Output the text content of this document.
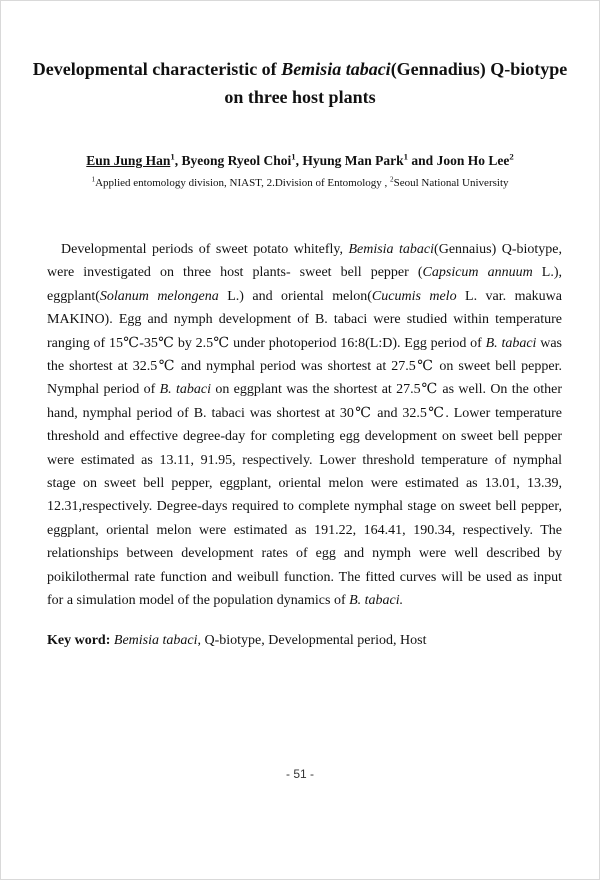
Developmental characteristic of Bemisia tabaci(Gennadius) Q-biotype
on three host plants
Eun Jung Han$^1$, Byeong Ryeol Choi$^1$, Hyung Man Park$^1$ and Joon Ho Lee$^2$
$^1$Applied entomology division, NIAST, 2.Division of Entomology , $^2$Seoul National University

Developmental periods of sweet potato whitefly, Bemisia tabaci(Gennaius) Q-biotype, were investigated on three host plants- sweet bell pepper (Capsicum annuum L.), eggplant(Solanum melongena L.) and oriental melon(Cucumis melo L. var. makuwa MAKINO). Egg and nymph development of B. tabaci were studied within temperature ranging of 15℃-35℃ by 2.5℃ under photoperiod 16:8(L:D). Egg period of B. tabaci was the shortest at 32.5℃ and nymphal period was shortest at 27.5℃ on sweet bell pepper. Nymphal period of B. tabaci on eggplant was the shortest at 27.5℃ as well. On the other hand, nymphal period of B. tabaci was shortest at 30℃ and 32.5℃. Lower temperature threshold and effective degree-day for completing egg development on sweet bell pepper were estimated as 13.11, 91.95, respectively. Lower threshold temperature of nymphal stage on sweet bell pepper, eggplant, oriental melon were estimated as 13.01, 13.39, 12.31,respectively. Degree-days required to complete nymphal stage on sweet bell pepper, eggplant, oriental melon were estimated as 191.22, 164.41, 190.34, respectively. The relationships between development rates of egg and nymph were well described by poikilothermal rate function and weibull function. The fitted curves will be used as input for a simulation model of the population dynamics of B. tabaci.

Key word: Bemisia tabaci, Q-biotype, Developmental period, Host
- 51 -
